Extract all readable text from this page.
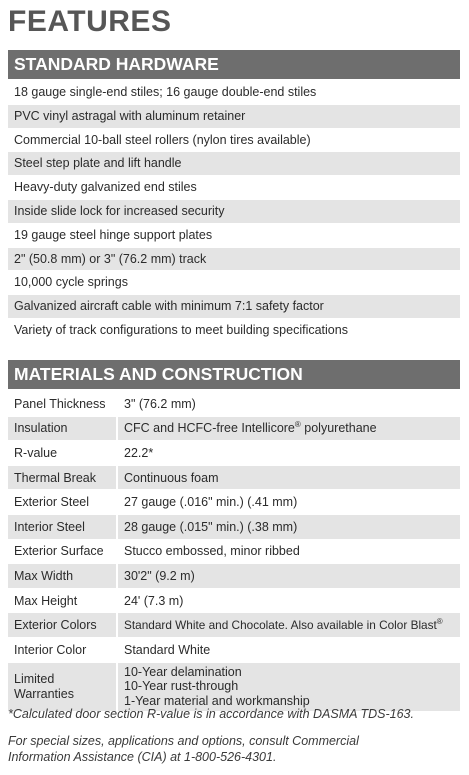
FEATURES
STANDARD HARDWARE
18 gauge single-end stiles; 16 gauge double-end stiles
PVC vinyl astragal with aluminum retainer
Commercial 10-ball steel rollers (nylon tires available)
Steel step plate and lift handle
Heavy-duty galvanized end stiles
Inside slide lock for increased security
19 gauge steel hinge support plates
2" (50.8 mm) or 3" (76.2 mm) track
10,000 cycle springs
Galvanized aircraft cable with minimum 7:1 safety factor
Variety of track configurations to meet building specifications
MATERIALS AND CONSTRUCTION
Panel Thickness	3" (76.2 mm)
Insulation	CFC and HCFC-free Intellicore® polyurethane
R-value	22.2*
Thermal Break	Continuous foam
Exterior Steel	27 gauge (.016" min.) (.41 mm)
Interior Steel	28 gauge (.015" min.) (.38 mm)
Exterior Surface	Stucco embossed, minor ribbed
Max Width	30'2" (9.2 m)
Max Height	24' (7.3 m)
Exterior Colors	Standard White and Chocolate. Also available in Color Blast®
Interior Color	Standard White

Limited
Warranties	10-Year delamination
10-Year rust-through
1-Year material and workmanship
*Calculated door section R-value is in accordance with DASMA TDS-163.
For special sizes, applications and options, consult Commercial
Information Assistance (CIA) at 1-800-526-4301.
